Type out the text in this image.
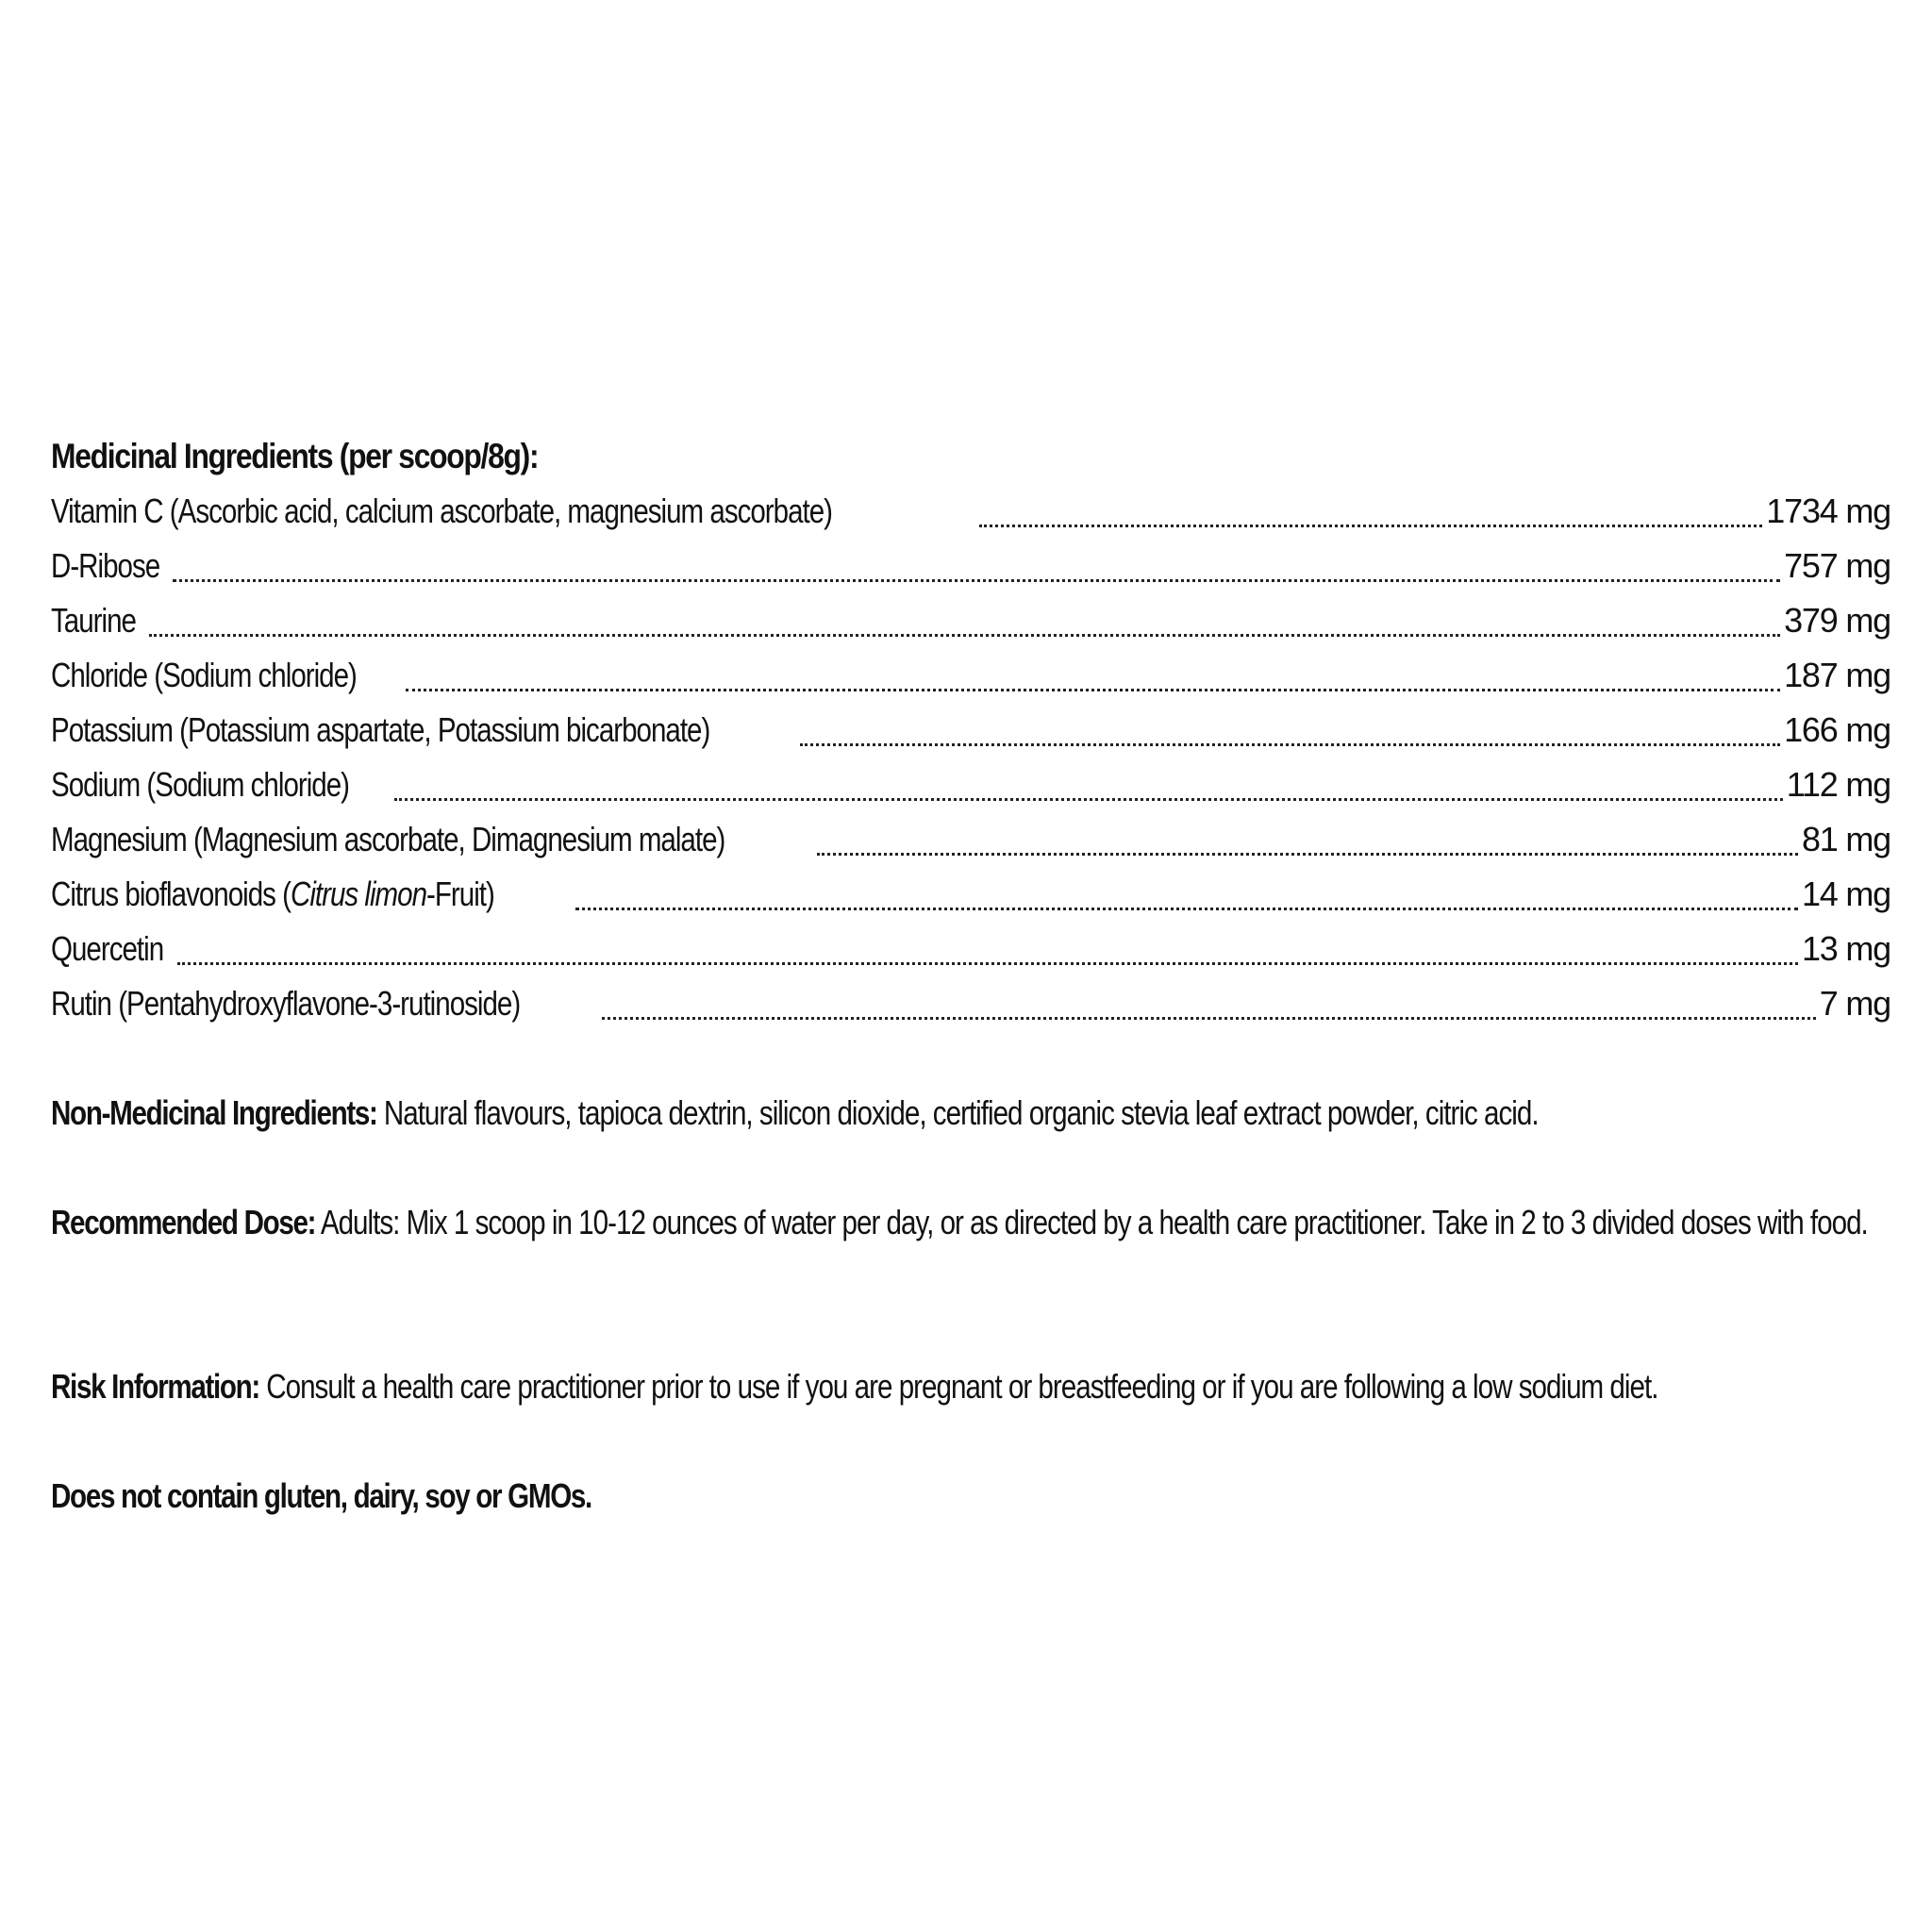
Medicinal Ingredients (per scoop/8g):
Vitamin C (Ascorbic acid, calcium ascorbate, magnesium ascorbate)	1734 mg
D-Ribose	757 mg
Taurine	379 mg
Chloride (Sodium chloride)	187 mg
Potassium (Potassium aspartate, Potassium bicarbonate)	166 mg
Sodium (Sodium chloride)	112 mg
Magnesium (Magnesium ascorbate, Dimagnesium malate)	81 mg
Citrus bioflavonoids (Citrus limon-Fruit)	14 mg
Quercetin	13 mg
Rutin (Pentahydroxyflavone-3-rutinoside)	7 mg

Non-Medicinal Ingredients: Natural flavours, tapioca dextrin, silicon dioxide, certified organic stevia leaf extract powder, citric acid.

Recommended Dose: Adults: Mix 1 scoop in 10-12 ounces of water per day, or as directed by a health care practitioner. Take in 2 to 3 divided doses with food.

Risk Information: Consult a health care practitioner prior to use if you are pregnant or breastfeeding or if you are following a low sodium diet.

Does not contain gluten, dairy, soy or GMOs.
